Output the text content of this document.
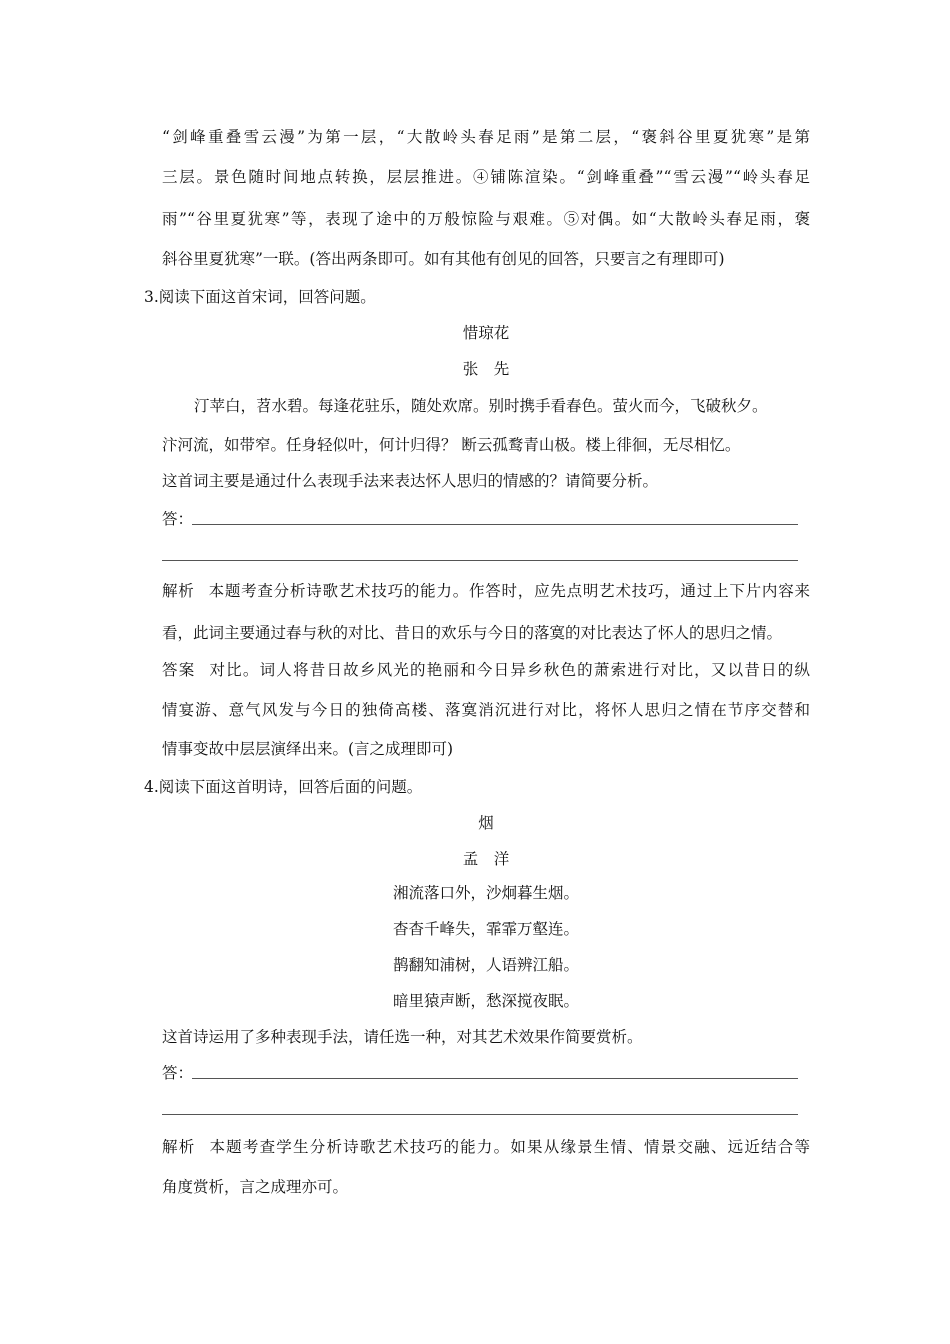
“剑峰重叠雪云漫”为第一层，“大散岭头春足雨”是第二层，“褒斜谷里夏犹寒”是第
三层。景色随时间地点转换，层层推进。④铺陈渲染。“剑峰重叠”“雪云漫”“岭头春足
雨”“谷里夏犹寒”等，表现了途中的万般惊险与艰难。⑤对偶。如“大散岭头春足雨，褒
斜谷里夏犹寒”一联。(答出两条即可。如有其他有创见的回答，只要言之有理即可)
3.阅读下面这首宋词，回答问题。
惜琼花
张　先
汀苹白，苕水碧。每逢花驻乐，随处欢席。别时携手看春色。萤火而今，飞破秋夕。
汴河流，如带窄。任身轻似叶，何计归得？ 断云孤鹜青山极。楼上徘徊，无尽相忆。
这首词主要是通过什么表现手法来表达怀人思归的情感的？请简要分析。
答：
解析 本题考查分析诗歌艺术技巧的能力。作答时，应先点明艺术技巧，通过上下片内容来
看，此词主要通过春与秋的对比、昔日的欢乐与今日的落寞的对比表达了怀人的思归之情。
答案 对比。词人将昔日故乡风光的艳丽和今日异乡秋色的萧索进行对比，又以昔日的纵
情宴游、意气风发与今日的独倚高楼、落寞消沉进行对比，将怀人思归之情在节序交替和
情事变故中层层演绎出来。(言之成理即可)
4.阅读下面这首明诗，回答后面的问题。
烟
孟　洋
湘流落口外，沙炯暮生烟。
杳杳千峰失，霏霏万壑连。
鹊翻知浦树，人语辨江船。
暗里猿声断，愁深搅夜眠。
这首诗运用了多种表现手法，请任选一种，对其艺术效果作简要赏析。
答：
解析 本题考查学生分析诗歌艺术技巧的能力。如果从缘景生情、情景交融、远近结合等
角度赏析，言之成理亦可。
